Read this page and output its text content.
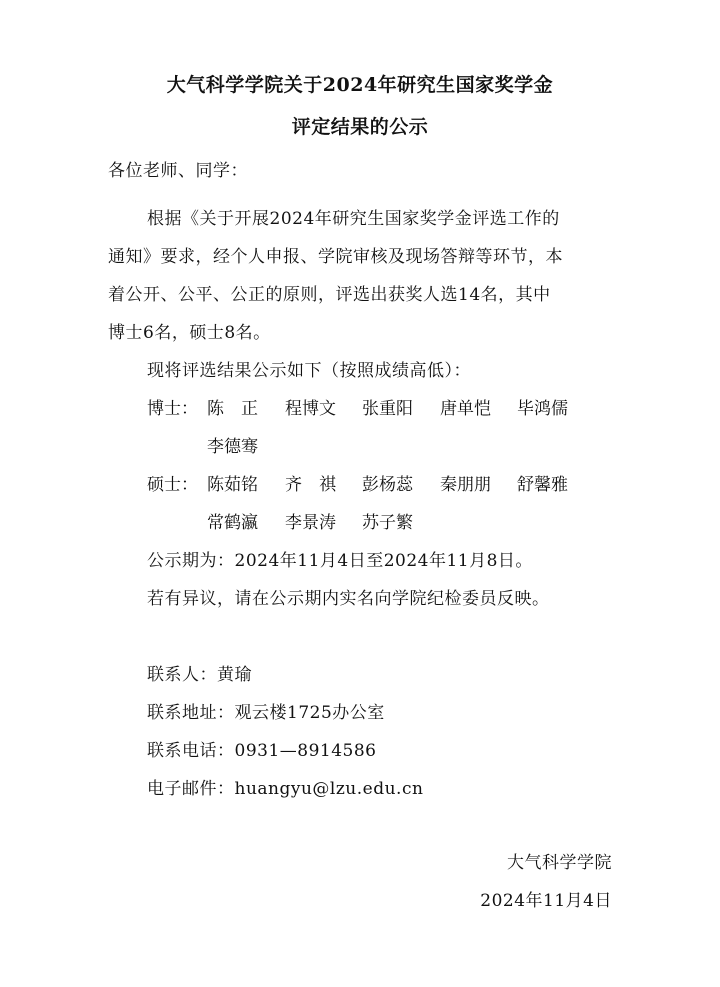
大气科学学院关于2024年研究生国家奖学金
评定结果的公示
各位老师、同学：
根据《关于开展2024年研究生国家奖学金评选工作的
通知》要求，经个人申报、学院审核及现场答辩等环节，本
着公开、公平、公正的原则，评选出获奖人选14名，其中
博士6名，硕士8名。
现将评选结果公示如下（按照成绩高低）：
博士： 陈　正 程博文 张重阳 唐单恺 毕鸿儒
李德骞
硕士： 陈茹铭 齐　祺 彭杨蕊 秦朋朋 舒馨雅
常鹤瀛 李景涛 苏子繁
公示期为：2024年11月4日至2024年11月8日。
若有异议，请在公示期内实名向学院纪检委员反映。
联系人：黄瑜
联系地址：观云楼1725办公室
联系电话：0931—8914586
电子邮件：huangyu@lzu.edu.cn
大气科学学院
2024年11月4日
